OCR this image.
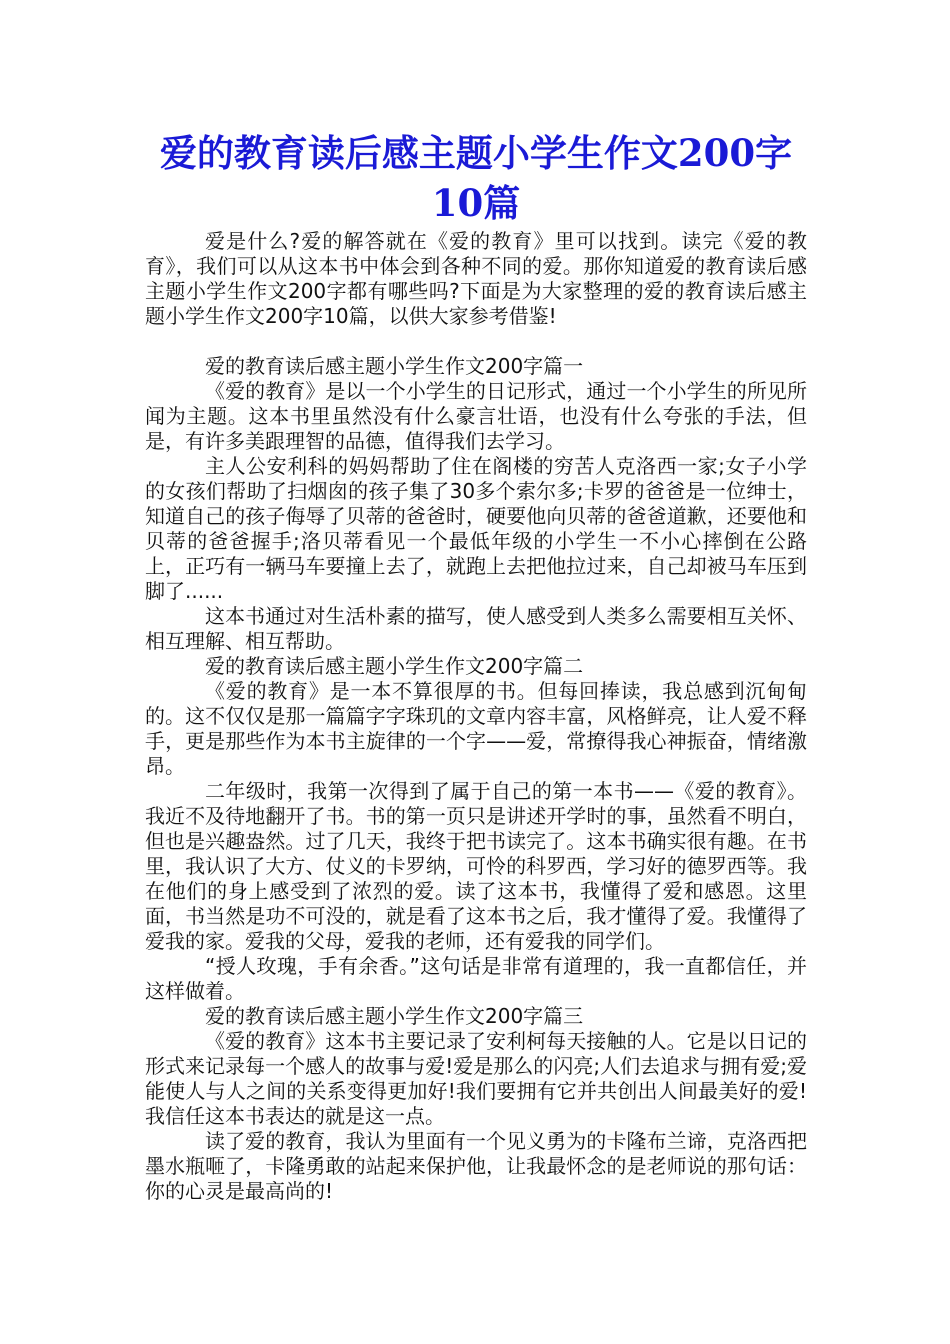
爱的教育读后感主题小学生作文200字10篇

爱是什么?爱的解答就在《爱的教育》里可以找到。读完《爱的教育》，我们可以从这本书中体会到各种不同的爱。那你知道爱的教育读后感主题小学生作文200字都有哪些吗?下面是为大家整理的爱的教育读后感主题小学生作文200字10篇，以供大家参考借鉴!

爱的教育读后感主题小学生作文200字篇一

《爱的教育》是以一个小学生的日记形式，通过一个小学生的所见所闻为主题。这本书里虽然没有什么豪言壮语，也没有什么夸张的手法，但是，有许多美跟理智的品德，值得我们去学习。

主人公安利科的妈妈帮助了住在阁楼的穷苦人克洛西一家;女子小学的女孩们帮助了扫烟囱的孩子集了30多个索尔多;卡罗的爸爸是一位绅士，知道自己的孩子侮辱了贝蒂的爸爸时，硬要他向贝蒂的爸爸道歉，还要他和贝蒂的爸爸握手;洛贝蒂看见一个最低年级的小学生一不小心摔倒在公路上，正巧有一辆马车要撞上去了，就跑上去把他拉过来，自己却被马车压到脚了......

这本书通过对生活朴素的描写，使人感受到人类多么需要相互关怀、相互理解、相互帮助。

爱的教育读后感主题小学生作文200字篇二

《爱的教育》是一本不算很厚的书。但每回捧读，我总感到沉甸甸的。这不仅仅是那一篇篇字字珠玑的文章内容丰富，风格鲜亮，让人爱不释手，更是那些作为本书主旋律的一个字——爱，常撩得我心神振奋，情绪激昂。

二年级时，我第一次得到了属于自己的第一本书——《爱的教育》。我近不及待地翻开了书。书的第一页只是讲述开学时的事，虽然看不明白，但也是兴趣盎然。过了几天，我终于把书读完了。这本书确实很有趣。在书里，我认识了大方、仗义的卡罗纳，可怜的科罗西，学习好的德罗西等。我在他们的身上感受到了浓烈的爱。读了这本书，我懂得了爱和感恩。这里面，书当然是功不可没的，就是看了这本书之后，我才懂得了爱。我懂得了爱我的家。爱我的父母，爱我的老师，还有爱我的同学们。

“授人玫瑰，手有余香。”这句话是非常有道理的，我一直都信任，并这样做着。

爱的教育读后感主题小学生作文200字篇三

《爱的教育》这本书主要记录了安利柯每天接触的人。它是以日记的形式来记录每一个感人的故事与爱!爱是那么的闪亮;人们去追求与拥有爱;爱能使人与人之间的关系变得更加好!我们要拥有它并共创出人间最美好的爱!我信任这本书表达的就是这一点。

读了爱的教育，我认为里面有一个见义勇为的卡隆布兰谛，克洛西把墨水瓶咂了，卡隆勇敢的站起来保护他，让我最怀念的是老师说的那句话：你的心灵是最高尚的!
